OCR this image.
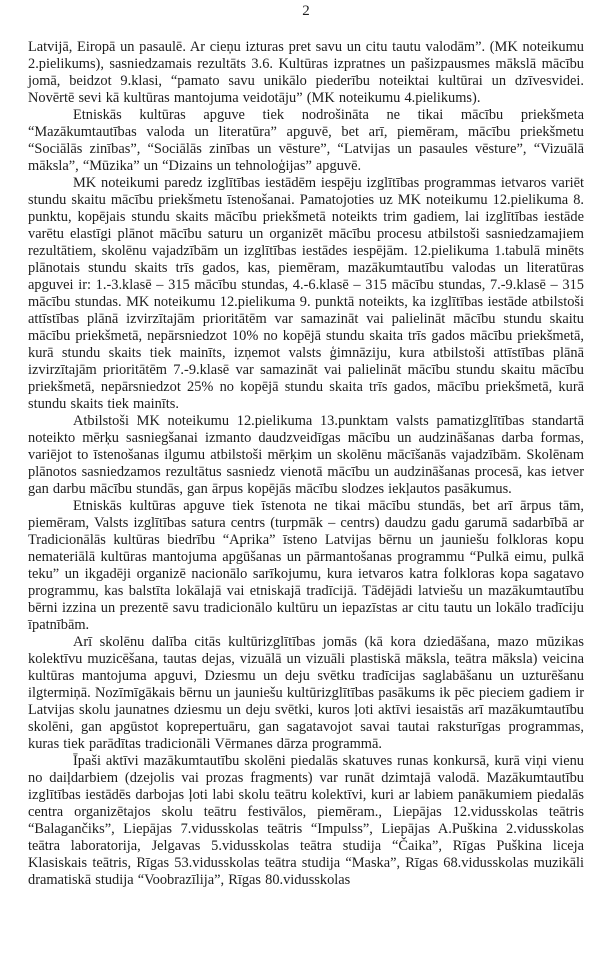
2

Latvijā, Eiropā un pasaulē. Ar cieņu izturas pret savu un citu tautu valodām”. (MK noteikumu 2.pielikums), sasniedzamais rezultāts 3.6. Kultūras izpratnes un pašizpausmes mākslā mācību jomā, beidzot 9.klasi, “pamato savu unikālo piederību noteiktai kultūrai un dzīvesvidei. Novērtē sevi kā kultūras mantojuma veidotāju” (MK noteikumu 4.pielikums).

Etniskās kultūras apguve tiek nodrošināta ne tikai mācību priekšmeta “Mazākumtautības valoda un literatūra” apguvē, bet arī, piemēram, mācību priekšmetu “Sociālās zinības”, “Sociālās zinības un vēsture”, “Latvijas un pasaules vēsture”, “Vizuālā māksla”, “Mūzika” un “Dizains un tehnoloģijas” apguvē.

MK noteikumi paredz izglītības iestādēm iespēju izglītības programmas ietvaros variēt stundu skaitu mācību priekšmetu īstenošanai. Pamatojoties uz MK noteikumu 12.pielikuma 8. punktu, kopējais stundu skaits mācību priekšmetā noteikts trim gadiem, lai izglītības iestāde varētu elastīgi plānot mācību saturu un organizēt mācību procesu atbilstoši sasniedzamajiem rezultātiem, skolēnu vajadzībām un izglītības iestādes iespējām. 12.pielikuma 1.tabulā minēts plānotais stundu skaits trīs gados, kas, piemēram, mazākumtautību valodas un literatūras apguvei ir: 1.-3.klasē – 315 mācību stundas, 4.-6.klasē – 315 mācību stundas, 7.-9.klasē – 315 mācību stundas. MK noteikumu 12.pielikuma 9. punktā noteikts, ka izglītības iestāde atbilstoši attīstības plānā izvirzītajām prioritātēm var samazināt vai palielināt mācību stundu skaitu mācību priekšmetā, nepārsniedzot 10% no kopējā stundu skaita trīs gados mācību priekšmetā, kurā stundu skaits tiek mainīts, izņemot valsts ģimnāziju, kura atbilstoši attīstības plānā izvirzītajām prioritātēm 7.-9.klasē var samazināt vai palielināt mācību stundu skaitu mācību priekšmetā, nepārsniedzot 25% no kopējā stundu skaita trīs gados, mācību priekšmetā, kurā stundu skaits tiek mainīts.

Atbilstoši MK noteikumu 12.pielikuma 13.punktam valsts pamatizglītības standartā noteikto mērķu sasniegšanai izmanto daudzveidīgas mācību un audzināšanas darba formas, variējot to īstenošanas ilgumu atbilstoši mērķim un skolēnu mācīšanās vajadzībām. Skolēnam plānotos sasniedzamos rezultātus sasniedz vienotā mācību un audzināšanas procesā, kas ietver gan darbu mācību stundās, gan ārpus kopējās mācību slodzes iekļautos pasākumus.

Etniskās kultūras apguve tiek īstenota ne tikai mācību stundās, bet arī ārpus tām, piemēram, Valsts izglītības satura centrs (turpmāk – centrs) daudzu gadu garumā sadarbībā ar Tradicionālās kultūras biedrību “Aprika” īsteno Latvijas bērnu un jauniešu folkloras kopu nemateriālā kultūras mantojuma apgūšanas un pārmantošanas programmu “Pulkā eimu, pulkā teku” un ikgadēji organizē nacionālo sarīkojumu, kura ietvaros katra folkloras kopa sagatavo programmu, kas balstīta lokālajā vai etniskajā tradīcijā. Tādējādi latviešu un mazākumtautību bērni izzina un prezentē savu tradicionālo kultūru un iepazīstas ar citu tautu un lokālo tradīciju īpatnībām.

Arī skolēnu dalība citās kultūrizglītības jomās (kā kora dziedāšana, mazo mūzikas kolektīvu muzicēšana, tautas dejas, vizuālā un vizuāli plastiskā māksla, teātra māksla) veicina kultūras mantojuma apguvi, Dziesmu un deju svētku tradīcijas saglabāšanu un uzturēšanu ilgtermiņā. Nozīmīgākais bērnu un jauniešu kultūrizglītības pasākums ik pēc pieciem gadiem ir Latvijas skolu jaunatnes dziesmu un deju svētki, kuros ļoti aktīvi iesaistās arī mazākumtautību skolēni, gan apgūstot koprepertuāru, gan sagatavojot savai tautai raksturīgas programmas, kuras tiek parādītas tradicionāli Vērmanes dārza programmā.

Īpaši aktīvi mazākumtautību skolēni piedalās skatuves runas konkursā, kurā viņi vienu no daiļdarbiem (dzejolis vai prozas fragments) var runāt dzimtajā valodā. Mazākumtautību izglītības iestādēs darbojas ļoti labi skolu teātru kolektīvi, kuri ar labiem panākumiem piedalās centra organizētajos skolu teātru festivālos, piemēram., Liepājas 12.vidusskolas teātris “Balagančiks”, Liepājas 7.vidusskolas teātris “Impulss”, Liepājas A.Puškina 2.vidusskolas teātra laboratorija, Jelgavas 5.vidusskolas teātra studija “Čaika”, Rīgas Puškina liceja Klasiskais teātris, Rīgas 53.vidusskolas teātra studija “Maska”, Rīgas 68.vidusskolas muzikāli dramatiskā studija “Voobrazīlija”, Rīgas 80.vidusskolas
